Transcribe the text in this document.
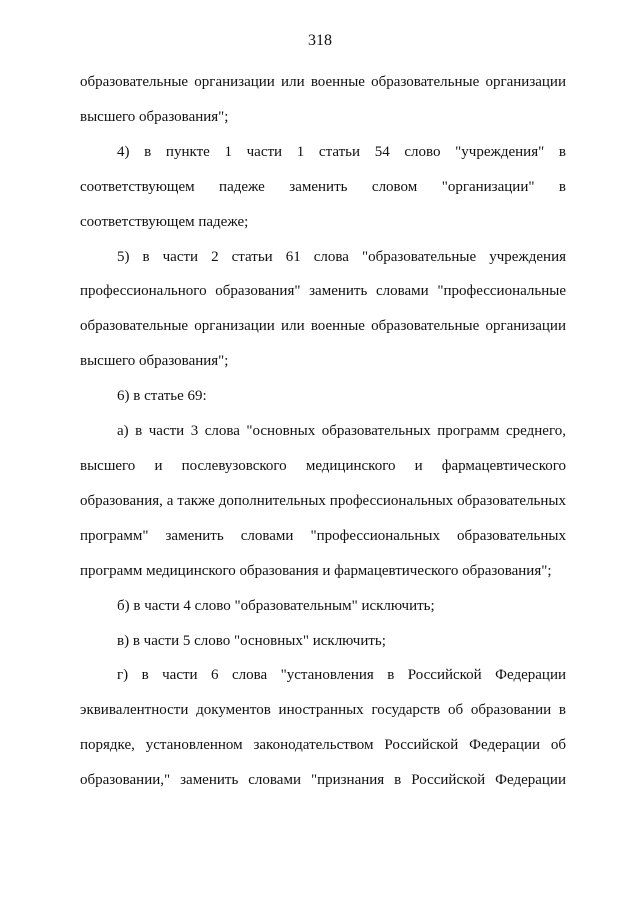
318

образовательные организации или военные образовательные организации
высшего образования";

4) в пункте 1 части 1 статьи 54 слово "учреждения" в
соответствующем падеже заменить словом "организации" в
соответствующем падеже;

5) в части 2 статьи 61 слова "образовательные учреждения
профессионального образования" заменить словами "профессиональные
образовательные организации или военные образовательные организации
высшего образования";

6) в статье 69:

а) в части 3 слова "основных образовательных программ среднего,
высшего и послевузовского медицинского и фармацевтического
образования, а также дополнительных профессиональных образовательных
программ" заменить словами "профессиональных образовательных
программ медицинского образования и фармацевтического образования";

б) в части 4 слово "образовательным" исключить;

в) в части 5 слово "основных" исключить;

г) в части 6 слова "установления в Российской Федерации
эквивалентности документов иностранных государств об образовании в
порядке, установленном законодательством Российской Федерации об
образовании," заменить словами "признания в Российской Федерации
